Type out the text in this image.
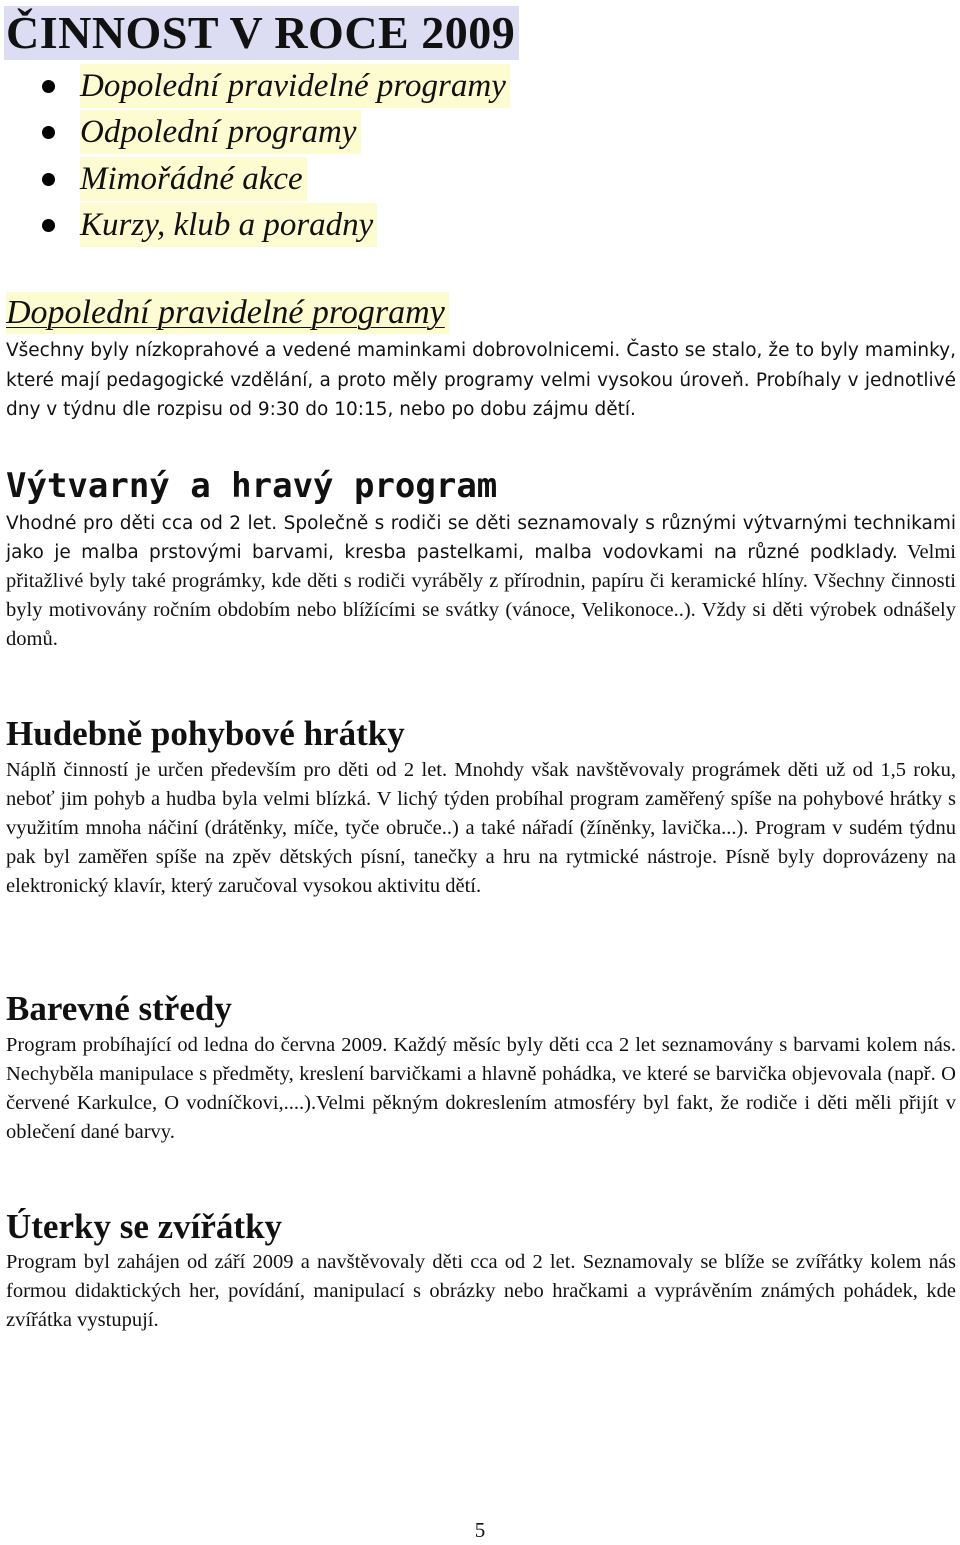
ČINNOST V ROCE 2009
Dopolední pravidelné programy
Odpolední programy
Mimořádné akce
Kurzy, klub a poradny
Dopolední pravidelné programy
Všechny byly nízkoprahové a vedené maminkami dobrovolnicemi. Často se stalo, že to byly maminky, které mají pedagogické vzdělání, a proto měly programy velmi vysokou úroveň. Probíhaly v jednotlivé dny v týdnu dle rozpisu od 9:30 do 10:15, nebo po dobu zájmu dětí.
Výtvarný a hravý program
Vhodné pro děti cca od 2 let. Společně s rodiči se děti seznamovaly s různými výtvarnými technikami jako je malba prstovými barvami, kresba pastelkami, malba vodovkami na různé podklady. Velmi přitažlivé byly také prográmky, kde děti s rodiči vyráběly z přírodnin, papíru či keramické hlíny. Všechny činnosti byly motivovány ročním obdobím nebo blížícími se svátky (vánoce, Velikonoce..). Vždy si děti výrobek odnášely domů.
Hudebně pohybové hrátky
Náplň činností je určen především pro děti od 2 let. Mnohdy však navštěvovaly prográmek děti už od 1,5 roku, neboť jim pohyb a hudba byla velmi blízká. V lichý týden probíhal program zaměřený spíše na pohybové hrátky s využitím mnoha náčiní (drátěnky, míče, tyče obruče..) a také nářadí (žíněnky, lavička...). Program v sudém týdnu pak byl zaměřen spíše na zpěv dětských písní, tanečky a hru na rytmické nástroje. Písně byly doprovázeny na elektronický klavír, který zaručoval vysokou aktivitu dětí.
Barevné středy
Program probíhající od ledna do června 2009. Každý měsíc byly děti cca 2 let seznamovány s barvami kolem nás. Nechyběla manipulace s předměty, kreslení barvičkami a hlavně pohádka, ve které se barvička objevovala (např. O červené Karkulce, O vodníčkovi,....).Velmi pěkným dokreslením atmosféry byl fakt, že rodiče i děti měli přijít v oblečení dané barvy.
Úterky se zvířátky
Program byl zahájen od září 2009 a navštěvovaly děti cca od 2 let. Seznamovaly se blíže se zvířátky kolem nás formou didaktických her, povídání, manipulací s obrázky nebo hračkami a vyprávěním známých pohádek, kde zvířátka vystupují.
5
